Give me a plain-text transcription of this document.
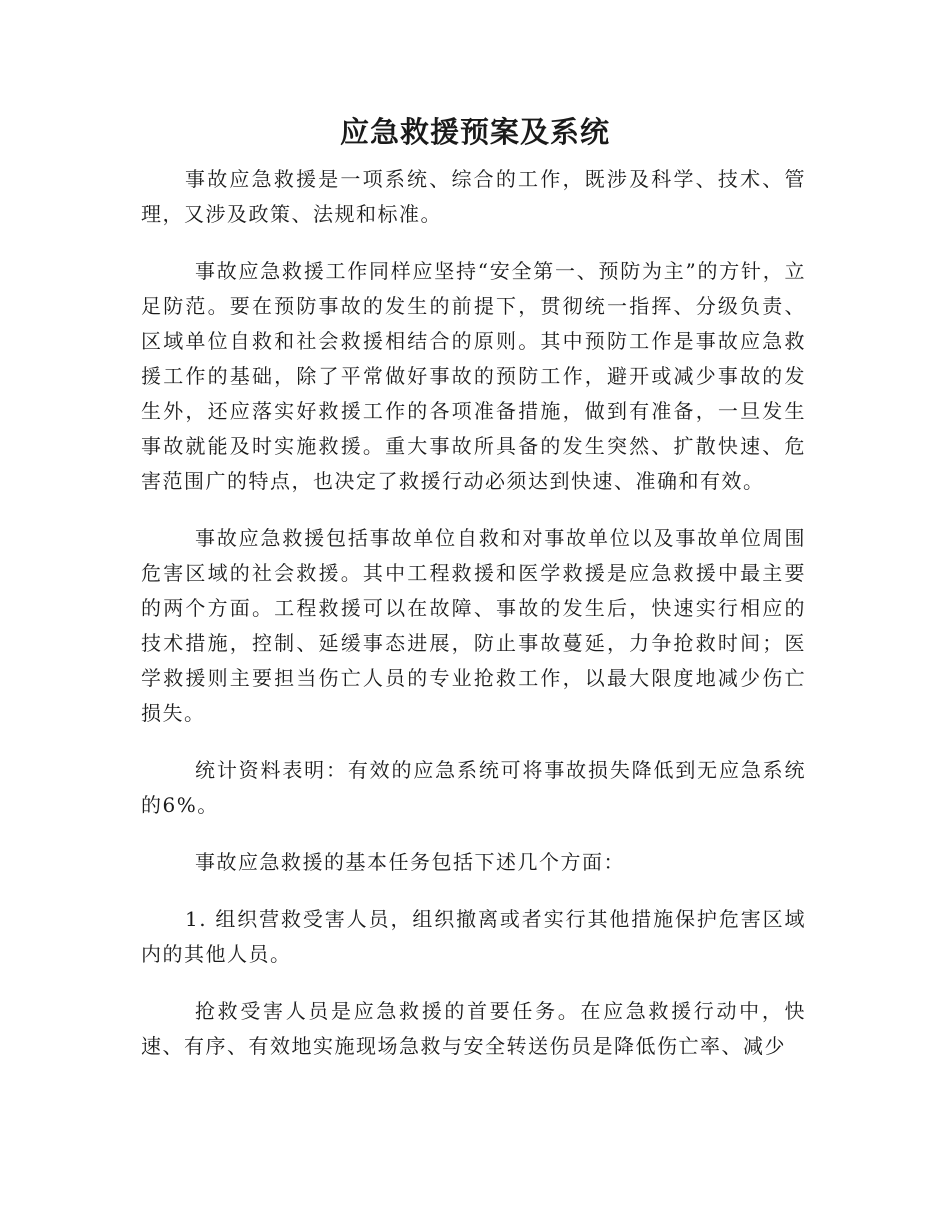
应急救援预案及系统

事故应急救援是一项系统、综合的工作，既涉及科学、技术、管理，又涉及政策、法规和标准。

事故应急救援工作同样应坚持“安全第一、预防为主”的方针，立足防范。要在预防事故的发生的前提下，贯彻统一指挥、分级负责、区域单位自救和社会救援相结合的原则。其中预防工作是事故应急救援工作的基础，除了平常做好事故的预防工作，避开或减少事故的发生外，还应落实好救援工作的各项准备措施，做到有准备，一旦发生事故就能及时实施救援。重大事故所具备的发生突然、扩散快速、危害范围广的特点，也决定了救援行动必须达到快速、准确和有效。

事故应急救援包括事故单位自救和对事故单位以及事故单位周围危害区域的社会救援。其中工程救援和医学救援是应急救援中最主要的两个方面。工程救援可以在故障、事故的发生后，快速实行相应的技术措施，控制、延缓事态进展，防止事故蔓延，力争抢救时间；医学救援则主要担当伤亡人员的专业抢救工作，以最大限度地减少伤亡损失。

统计资料表明：有效的应急系统可将事故损失降低到无应急系统的6%。

事故应急救援的基本任务包括下述几个方面：

1. 组织营救受害人员，组织撤离或者实行其他措施保护危害区域内的其他人员。

抢救受害人员是应急救援的首要任务。在应急救援行动中，快速、有序、有效地实施现场急救与安全转送伤员是降低伤亡率、减少
